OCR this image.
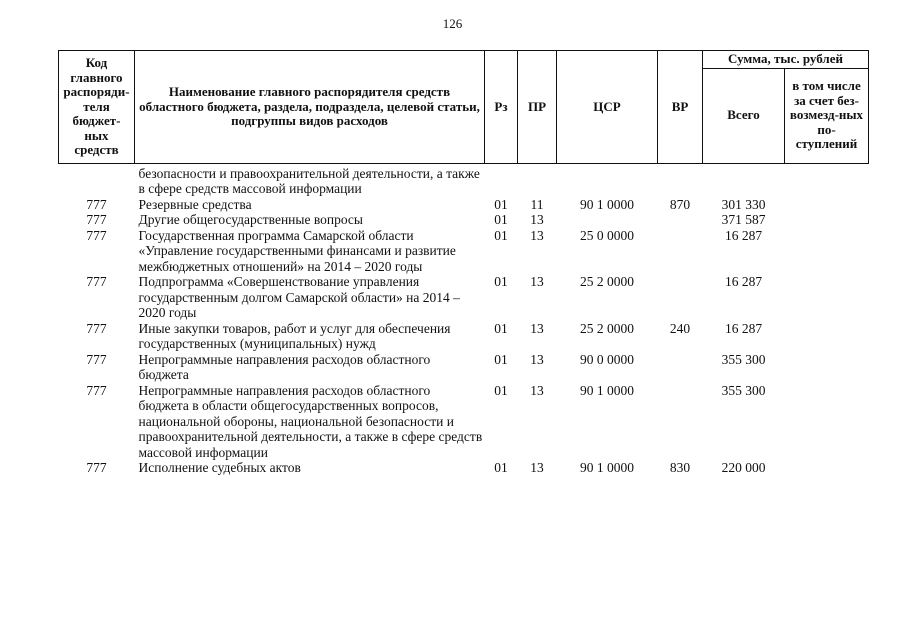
126
Код главного распоряди-теля бюджет-ных средств	Наименование главного распорядителя средств областного бюджета, раздела, подраздела, целевой статьи, подгруппы видов расходов	Рз	ПР	ЦСР	ВР	Сумма, тыс. рублей	
						Всего	в том числе за счет без-возмезд-ных по-ступлений
	безопасности и правоохранительной деятельности, а также в сфере средств массовой информации						
777	Резервные средства	01	11	90 1 0000	870	301 330	
777	Другие общегосударственные вопросы	01	13			371 587	
777	Государственная программа Самарской области «Управление государственными финансами и развитие межбюджетных отношений» на 2014 – 2020 годы	01	13	25 0 0000		16 287	
777	Подпрограмма «Совершенствование управления государственным долгом Самарской области» на 2014 – 2020 годы	01	13	25 2 0000		16 287	
777	Иные закупки товаров, работ и услуг для обеспечения государственных (муниципальных) нужд	01	13	25 2 0000	240	16 287	
777	Непрограммные направления расходов областного бюджета	01	13	90 0 0000		355 300	
777	Непрограммные направления расходов областного бюджета в области общегосударственных вопросов, национальной обороны, национальной безопасности и правоохранительной деятельности, а также в сфере средств массовой информации	01	13	90 1 0000		355 300	
777	Исполнение судебных актов	01	13	90 1 0000	830	220 000	
